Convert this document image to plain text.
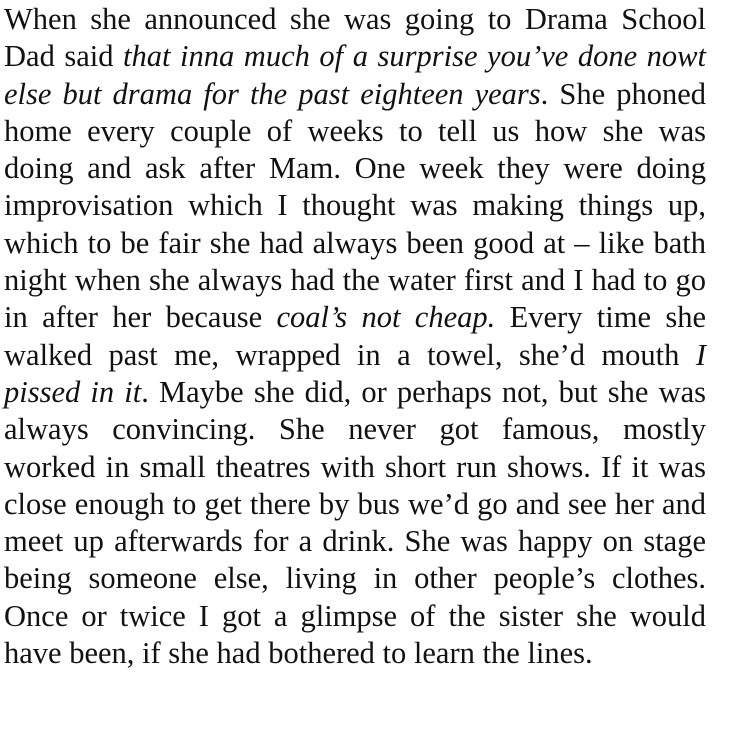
When she announced she was going to Drama School Dad said that inna much of a surprise you’ve done nowt else but drama for the past eighteen years. She phoned home every couple of weeks to tell us how she was doing and ask after Mam. One week they were doing improvisation which I thought was making things up, which to be fair she had always been good at – like bath night when she always had the water first and I had to go in after her because coal’s not cheap. Every time she walked past me, wrapped in a towel, she’d mouth I pissed in it. Maybe she did, or perhaps not, but she was always convincing. She never got famous, mostly worked in small theatres with short run shows. If it was close enough to get there by bus we’d go and see her and meet up afterwards for a drink. She was happy on stage being someone else, living in other people’s clothes. Once or twice I got a glimpse of the sister she would have been, if she had bothered to learn the lines.
